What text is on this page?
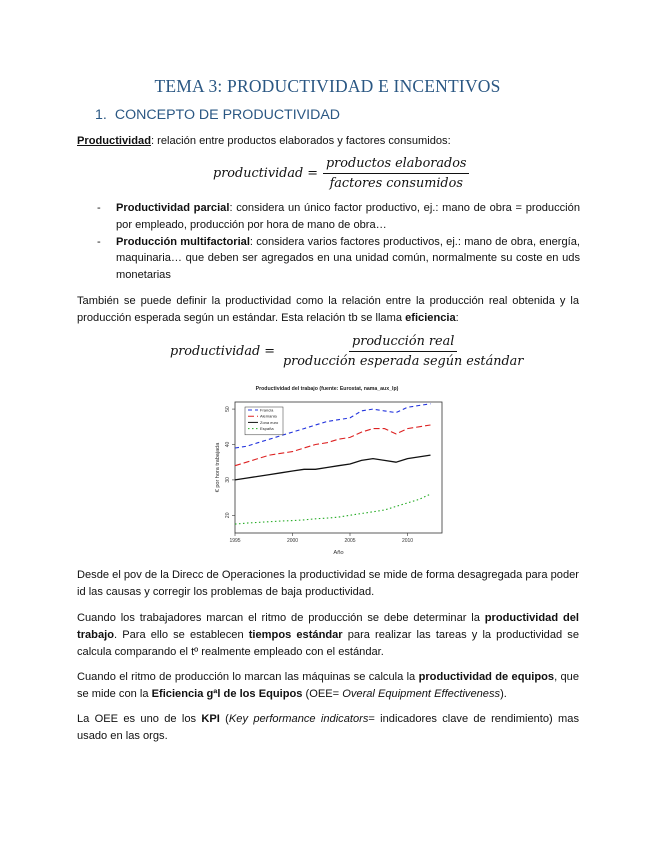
TEMA 3: PRODUCTIVIDAD E INCENTIVOS
1. CONCEPTO DE PRODUCTIVIDAD
Productividad: relación entre productos elaborados y factores consumidos:
productividad = $\frac{\text{productos elaborados}}{\text{factores consumidos}}$
- Productividad parcial: considera un único factor productivo, ej.: mano de obra = producción por empleado, producción por hora de mano de obra…
- Producción multifactorial: considera varios factores productivos, ej.: mano de obra, energía, maquinaria… que deben ser agregados en una unidad común, normalmente su coste en uds monetarias
También se puede definir la productividad como la relación entre la producción real obtenida y la producción esperada según un estándar. Esta relación tb se llama eficiencia:
productividad = $\frac{\text{producción real}}{\text{producción esperada según estándar}}$
Productividad del trabajo (fuente: Eurostat, nama_aux_lp)
1995	2000	2005	2010
20
30
40
50
Año
€ por hora trabajada
Francia
Alemania
Zona euro
España
Desde el pov de la Direcc de Operaciones la productividad se mide de forma desagregada para poder id las causas y corregir los problemas de baja productividad.
Cuando los trabajadores marcan el ritmo de producción se debe determinar la productividad del trabajo. Para ello se establecen tiempos estándar para realizar las tareas y la productividad se calcula comparando el tº realmente empleado con el estándar.
Cuando el ritmo de producción lo marcan las máquinas se calcula la productividad de equipos, que se mide con la Eficiencia gªl de los Equipos (OEE= Overal Equipment Effectiveness).
La OEE es uno de los KPI (Key performance indicators= indicadores clave de rendimiento) mas usado en las orgs.
